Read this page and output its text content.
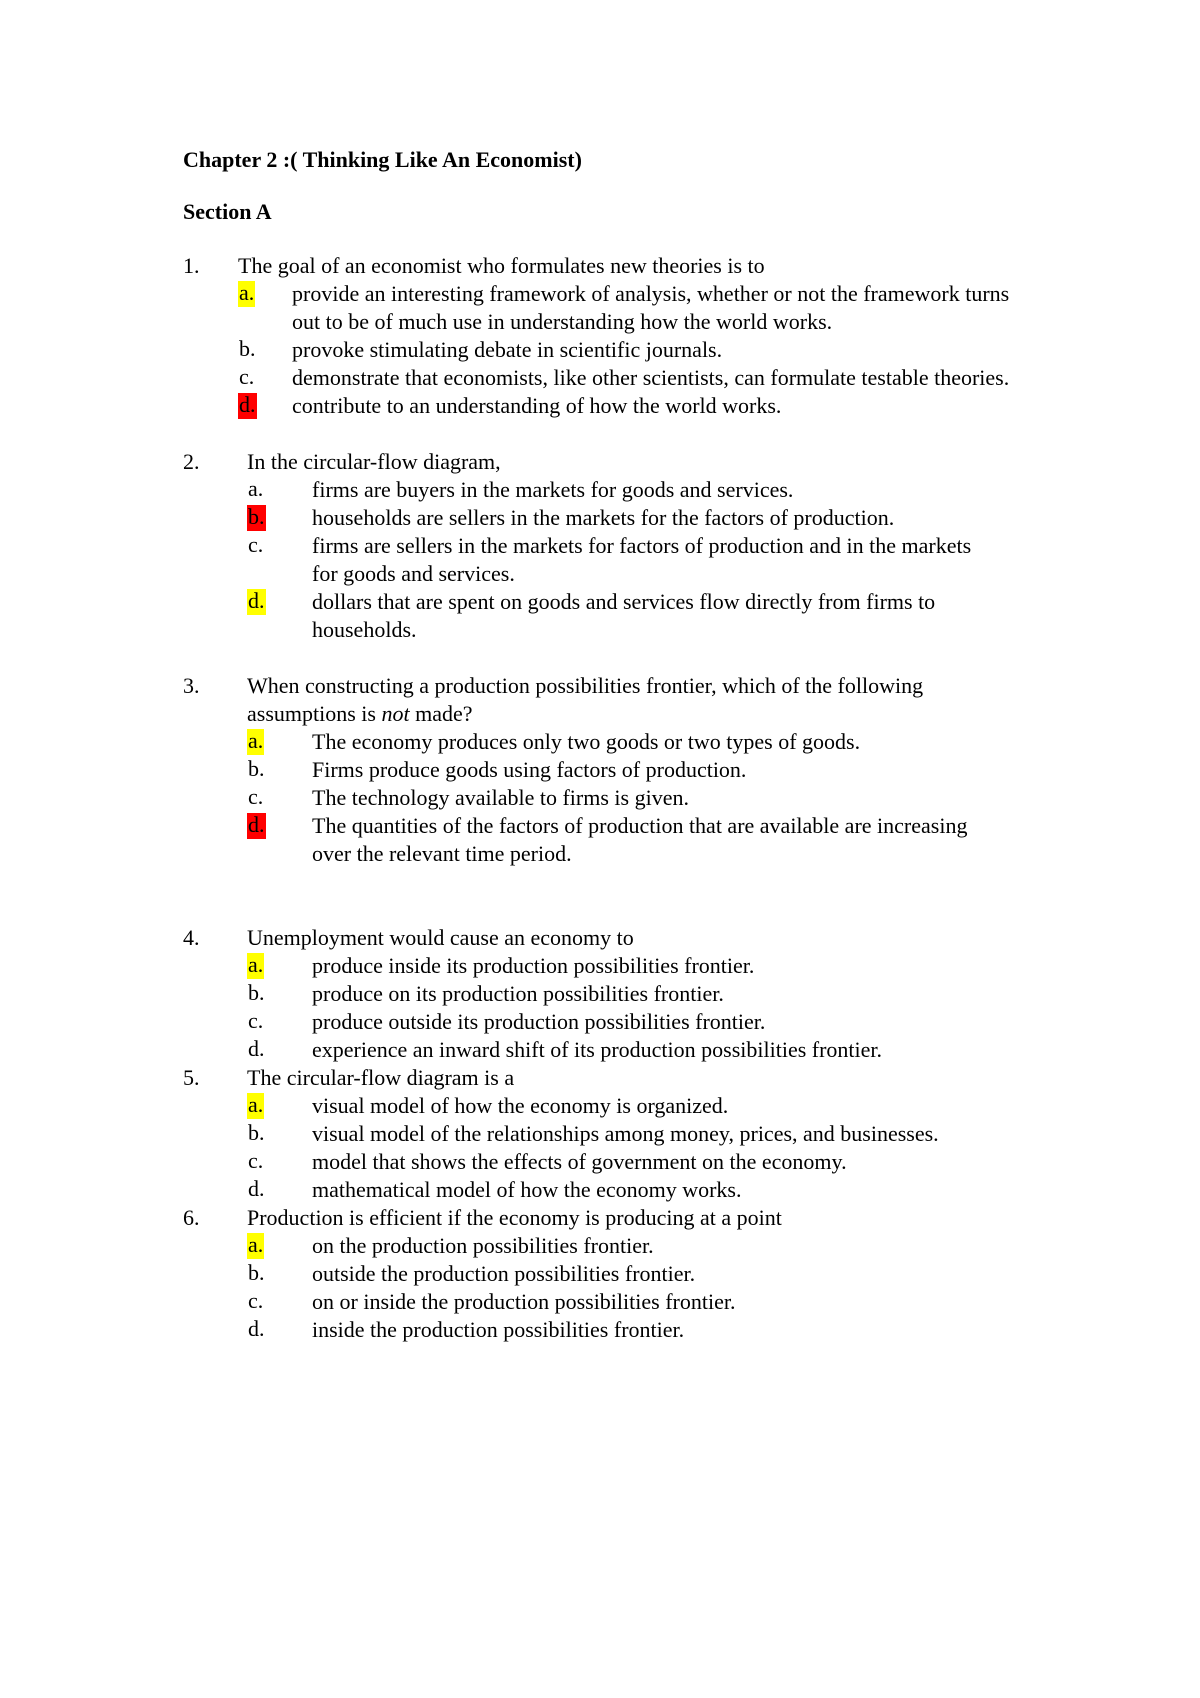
Chapter 2 :( Thinking Like An Economist)
Section A
1. The goal of an economist who formulates new theories is to
a. provide an interesting framework of analysis, whether or not the framework turns
out to be of much use in understanding how the world works.
b. provoke stimulating debate in scientific journals.
c. demonstrate that economists, like other scientists, can formulate testable theories.
d. contribute to an understanding of how the world works.
2. In the circular-flow diagram,
a. firms are buyers in the markets for goods and services.
b. households are sellers in the markets for the factors of production.
c. firms are sellers in the markets for factors of production and in the markets
for goods and services.
d. dollars that are spent on goods and services flow directly from firms to
households.
3. When constructing a production possibilities frontier, which of the following
assumptions is not made?
a. The economy produces only two goods or two types of goods.
b. Firms produce goods using factors of production.
c. The technology available to firms is given.
d. The quantities of the factors of production that are available are increasing
over the relevant time period.
4. Unemployment would cause an economy to
a. produce inside its production possibilities frontier.
b. produce on its production possibilities frontier.
c. produce outside its production possibilities frontier.
d. experience an inward shift of its production possibilities frontier.
5. The circular-flow diagram is a
a. visual model of how the economy is organized.
b. visual model of the relationships among money, prices, and businesses.
c. model that shows the effects of government on the economy.
d. mathematical model of how the economy works.
6. Production is efficient if the economy is producing at a point
a. on the production possibilities frontier.
b. outside the production possibilities frontier.
c. on or inside the production possibilities frontier.
d. inside the production possibilities frontier.
